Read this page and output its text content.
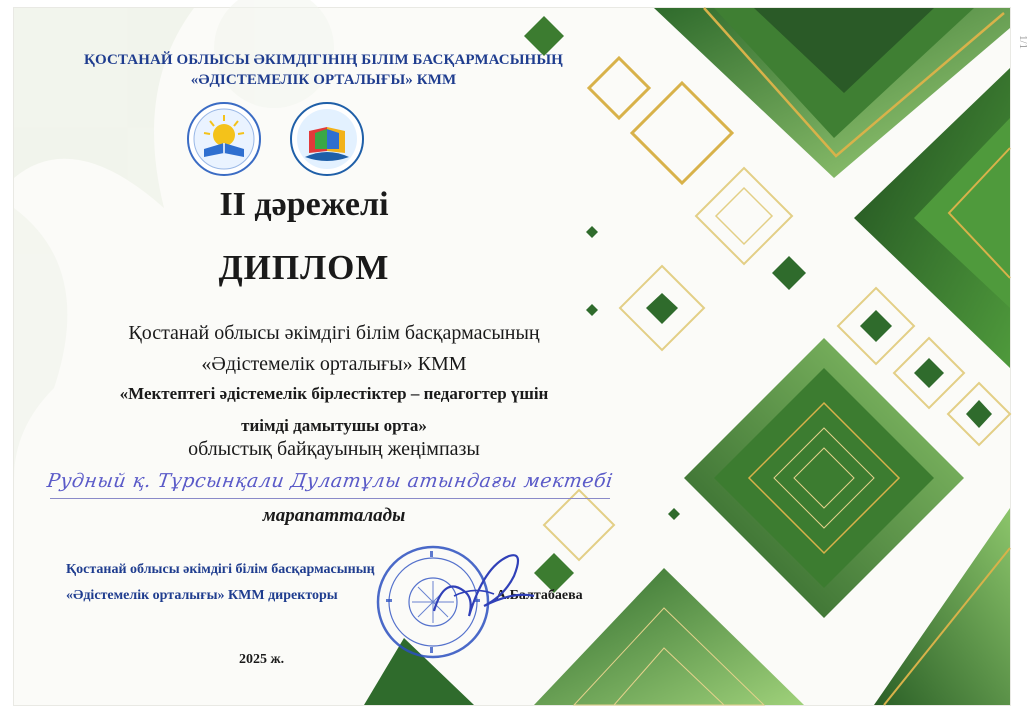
1/1
ҚОСТАНАЙ ОБЛЫСЫ ӘКІМДІГІНІҢ БІЛІМ БАСҚАРМАСЫНЫҢ
«ӘДІСТЕМЕЛІК ОРТАЛЫҒЫ» КММ
II дәрежелі
ДИПЛОМ
Қостанай облысы әкімдігі білім басқармасының
«Әдістемелік орталығы» КММ
«Мектептегі әдістемелік бірлестіктер – педагогтер үшін
тиімді дамытушы орта»
облыстық байқауының жеңімпазы
Рудный қ. Тұрсынқали Дулатұлы атындағы мектебі
марапатталады
Қостанай облысы әкімдігі білім басқармасының
«Әдістемелік орталығы» КММ директоры	А.Балтабаева
2025 ж.
